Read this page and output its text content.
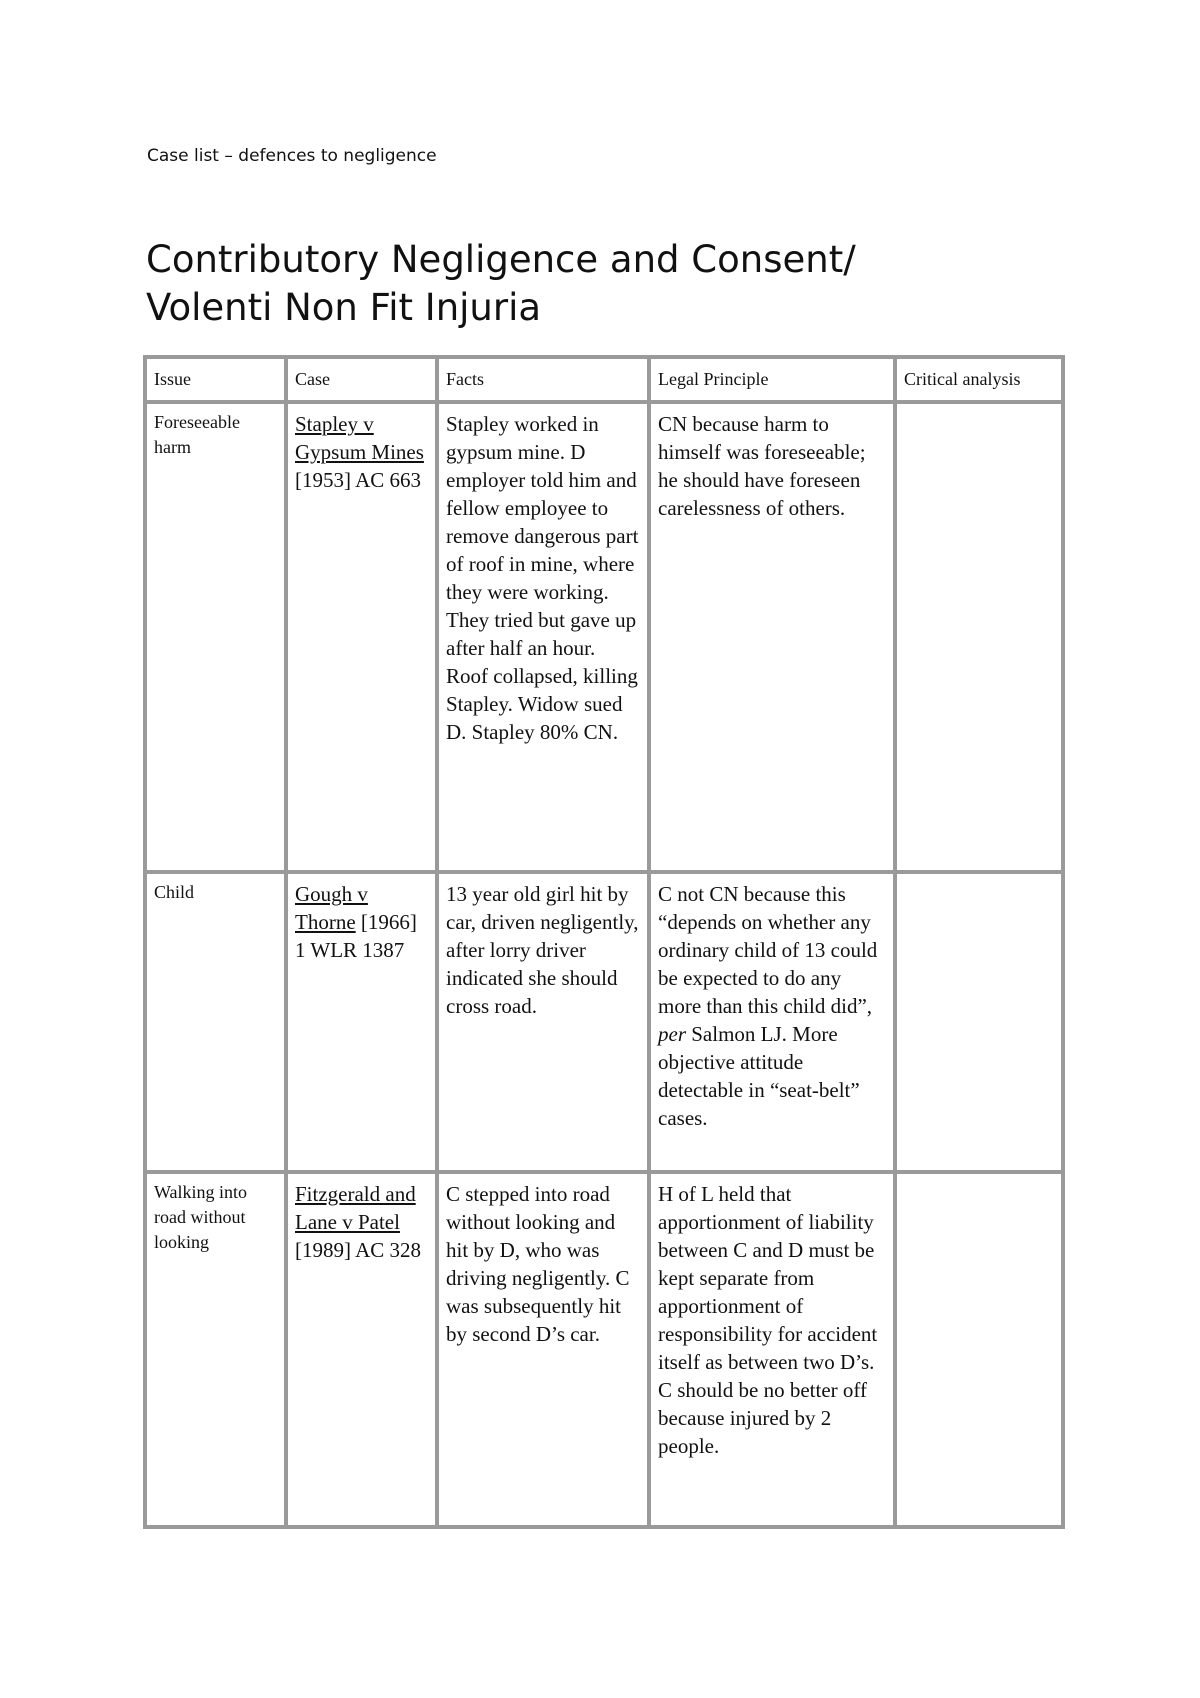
Case list – defences to negligence
Contributory Negligence and Consent/
Volenti Non Fit Injuria
Issue	Case	Facts	Legal Principle	Critical analysis
Foreseeable harm	Stapley v Gypsum Mines [1953] AC 663	Stapley worked in gypsum mine. D employer told him and fellow employee to remove dangerous part of roof in mine, where they were working. They tried but gave up after half an hour. Roof collapsed, killing Stapley. Widow sued D. Stapley 80% CN.	CN because harm to himself was foreseeable; he should have foreseen carelessness of others.	
Child	Gough v Thorne [1966] 1 WLR 1387	13 year old girl hit by car, driven negligently, after lorry driver indicated she should cross road.	C not CN because this “depends on whether any ordinary child of 13 could be expected to do any more than this child did”, per Salmon LJ. More objective attitude detectable in “seat-belt” cases.	
Walking into road without looking	Fitzgerald and Lane v Patel [1989] AC 328	C stepped into road without looking and hit by D, who was driving negligently. C was subsequently hit by second D’s car.	H of L held that apportionment of liability between C and D must be kept separate from apportionment of responsibility for accident itself as between two D’s. C should be no better off because injured by 2 people.	
